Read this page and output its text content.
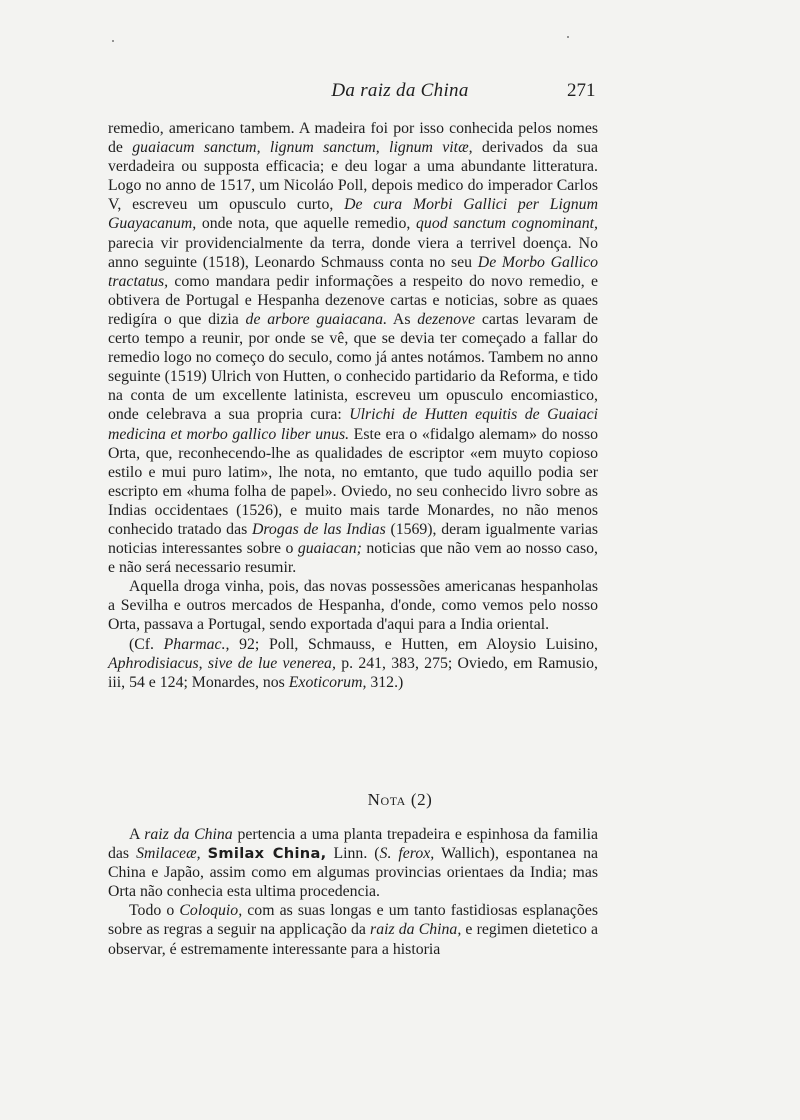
Da raiz da China	271

remedio, americano tambem. A madeira foi por isso conhecida pelos nomes de guaiacum sanctum, lignum sanctum, lignum vitæ, derivados da sua verdadeira ou supposta efficacia; e deu logar a uma abundante litteratura. Logo no anno de 1517, um Nicoláo Poll, depois medico do imperador Carlos V, escreveu um opusculo curto, De cura Morbi Gallici per Lignum Guayacanum, onde nota, que aquelle remedio, quod sanctum cognominant, parecia vir providencialmente da terra, donde viera a terrivel doença. No anno seguinte (1518), Leonardo Schmauss conta no seu De Morbo Gallico tractatus, como mandara pedir informações a respeito do novo remedio, e obtivera de Portugal e Hespanha dezenove cartas e noticias, sobre as quaes redigíra o que dizia de arbore guaiacana. As dezenove cartas levaram de certo tempo a reunir, por onde se vê, que se devia ter começado a fallar do remedio logo no começo do seculo, como já antes notámos. Tambem no anno seguinte (1519) Ulrich von Hutten, o conhecido partidario da Reforma, e tido na conta de um excellente latinista, escreveu um opusculo encomiastico, onde celebrava a sua propria cura: Ulrichi de Hutten equitis de Guaiaci medicina et morbo gallico liber unus. Este era o «fidalgo alemam» do nosso Orta, que, reconhecendo-lhe as qualidades de escriptor «em muyto copioso estilo e mui puro latim», lhe nota, no emtanto, que tudo aquillo podia ser escripto em «huma folha de papel». Oviedo, no seu conhecido livro sobre as Indias occidentaes (1526), e muito mais tarde Monardes, no não menos conhecido tratado das Drogas de las Indias (1569), deram igualmente varias noticias interessantes sobre o guaiacan; noticias que não vem ao nosso caso, e não será necessario resumir.

Aquella droga vinha, pois, das novas possessões americanas hespanholas a Sevilha e outros mercados de Hespanha, d'onde, como vemos pelo nosso Orta, passava a Portugal, sendo exportada d'aqui para a India oriental.

(Cf. Pharmac., 92; Poll, Schmauss, e Hutten, em Aloysio Luisino, Aphrodisiacus, sive de lue venerea, p. 241, 383, 275; Oviedo, em Ramusio, iii, 54 e 124; Monardes, nos Exoticorum, 312.)

Nota (2)

A raiz da China pertencia a uma planta trepadeira e espinhosa da familia das Smilaceæ, Smilax China, Linn. (S. ferox, Wallich), espontanea na China e Japão, assim como em algumas provincias orientaes da India; mas Orta não conhecia esta ultima procedencia.

Todo o Coloquio, com as suas longas e um tanto fastidiosas esplanações sobre as regras a seguir na applicação da raiz da China, e regimen dietetico a observar, é estremamente interessante para a historia
